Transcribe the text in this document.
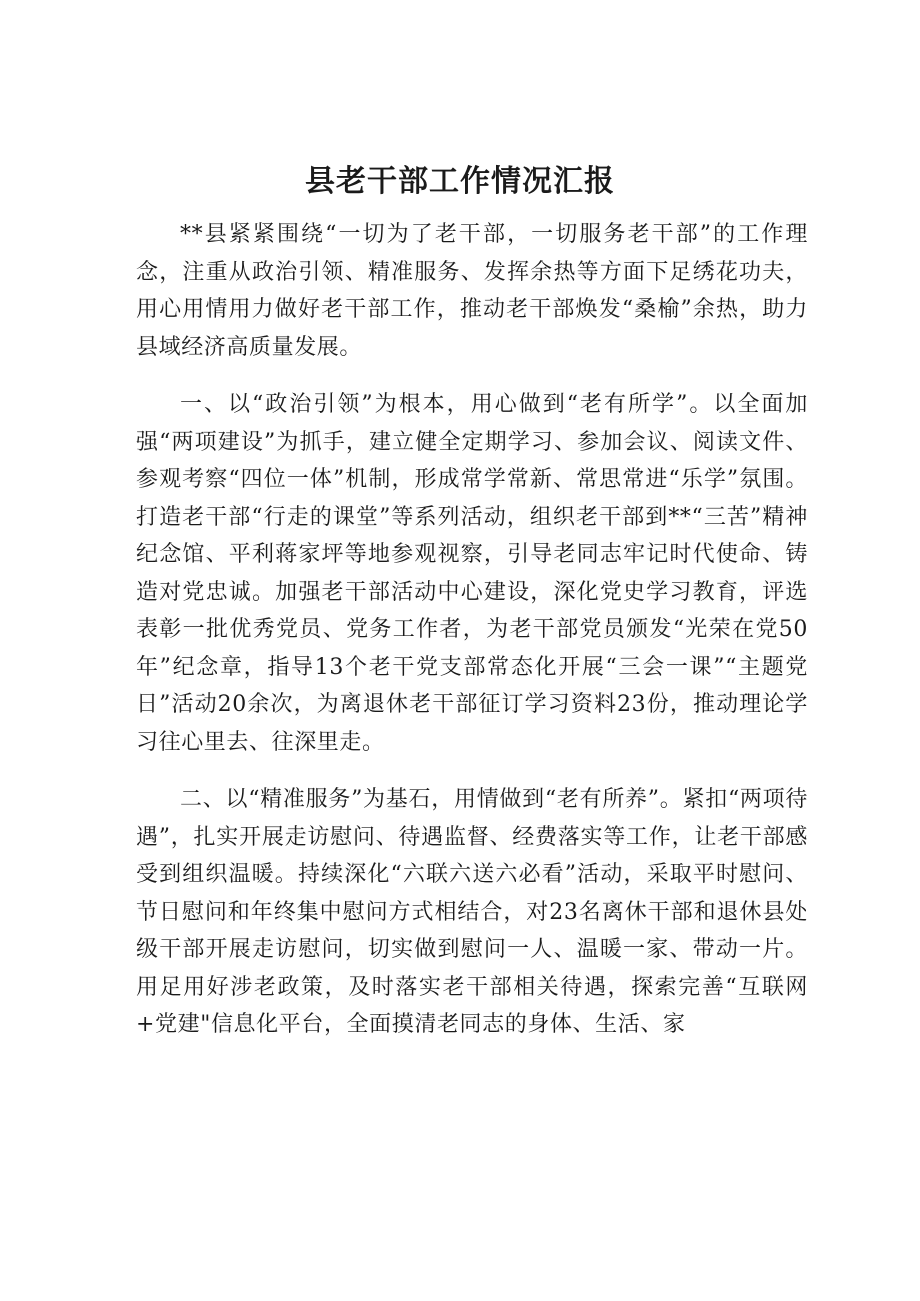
县老干部工作情况汇报

**县紧紧围绕“一切为了老干部，一切服务老干部”的工作理念，注重从政治引领、精准服务、发挥余热等方面下足绣花功夫，用心用情用力做好老干部工作，推动老干部焕发“桑榆”余热，助力县域经济高质量发展。

一、以“政治引领”为根本，用心做到“老有所学”。以全面加强“两项建设”为抓手，建立健全定期学习、参加会议、阅读文件、参观考察“四位一体”机制，形成常学常新、常思常进“乐学”氛围。打造老干部“行走的课堂”等系列活动，组织老干部到**“三苦”精神纪念馆、平利蒋家坪等地参观视察，引导老同志牢记时代使命、铸造对党忠诚。加强老干部活动中心建设，深化党史学习教育，评选表彰一批优秀党员、党务工作者，为老干部党员颁发“光荣在党50年”纪念章，指导13个老干党支部常态化开展“三会一课”“主题党日”活动20余次，为离退休老干部征订学习资料23份，推动理论学习往心里去、往深里走。

二、以“精准服务”为基石，用情做到“老有所养”。紧扣“两项待遇”，扎实开展走访慰问、待遇监督、经费落实等工作，让老干部感受到组织温暖。持续深化“六联六送六必看”活动，采取平时慰问、节日慰问和年终集中慰问方式相结合，对23名离休干部和退休县处级干部开展走访慰问，切实做到慰问一人、温暖一家、带动一片。用足用好涉老政策，及时落实老干部相关待遇，探索完善“互联网+党建"信息化平台，全面摸清老同志的身体、生活、家
